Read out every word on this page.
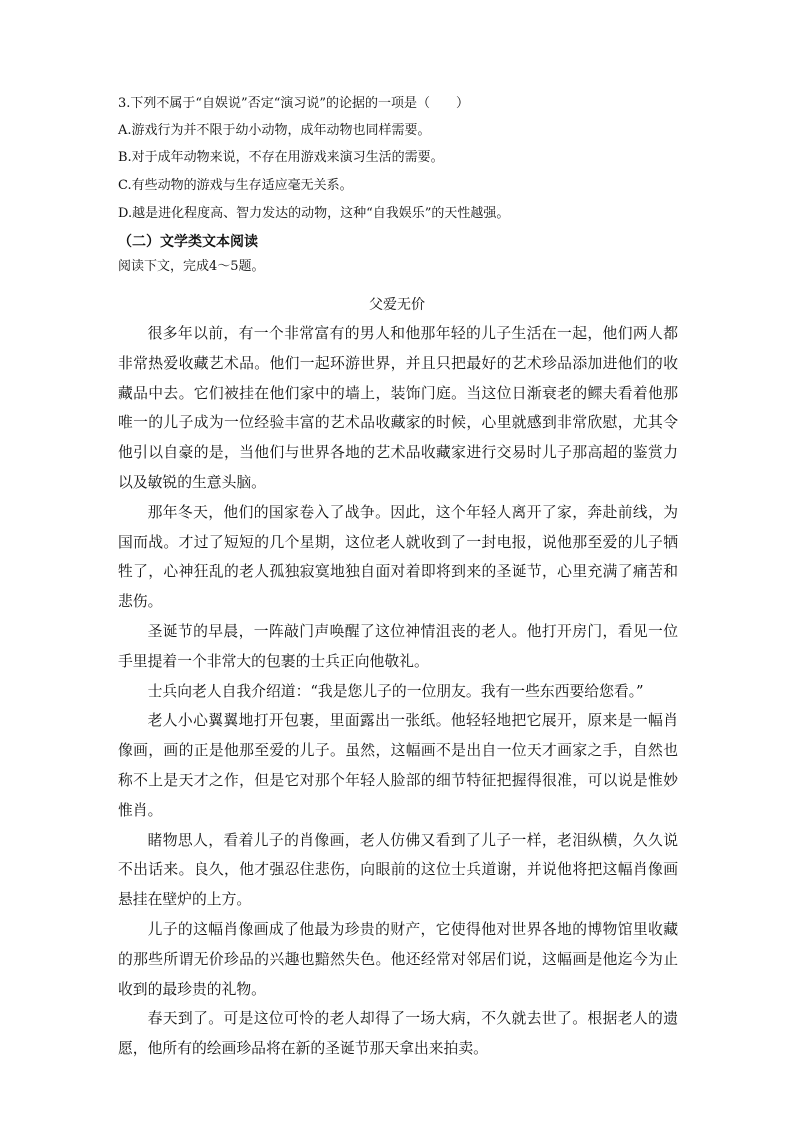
3.下列不属于“自娱说”否定“演习说”的论据的一项是（　　）
A.游戏行为并不限于幼小动物，成年动物也同样需要。
B.对于成年动物来说，不存在用游戏来演习生活的需要。
C.有些动物的游戏与生存适应毫无关系。
D.越是进化程度高、智力发达的动物，这种“自我娱乐”的天性越强。
（二）文学类文本阅读
阅读下文，完成4～5题。
父爱无价

很多年以前，有一个非常富有的男人和他那年轻的儿子生活在一起，他们两人都非常热爱收藏艺术品。他们一起环游世界，并且只把最好的艺术珍品添加进他们的收藏品中去。它们被挂在他们家中的墙上，装饰门庭。当这位日渐衰老的鳏夫看着他那唯一的儿子成为一位经验丰富的艺术品收藏家的时候，心里就感到非常欣慰，尤其令他引以自豪的是，当他们与世界各地的艺术品收藏家进行交易时儿子那高超的鉴赏力以及敏锐的生意头脑。

那年冬天，他们的国家卷入了战争。因此，这个年轻人离开了家，奔赴前线，为国而战。才过了短短的几个星期，这位老人就收到了一封电报，说他那至爱的儿子牺牲了，心神狂乱的老人孤独寂寞地独自面对着即将到来的圣诞节，心里充满了痛苦和悲伤。

圣诞节的早晨，一阵敲门声唤醒了这位神情沮丧的老人。他打开房门，看见一位手里提着一个非常大的包裹的士兵正向他敬礼。

士兵向老人自我介绍道：“我是您儿子的一位朋友。我有一些东西要给您看。”

老人小心翼翼地打开包裹，里面露出一张纸。他轻轻地把它展开，原来是一幅肖像画，画的正是他那至爱的儿子。虽然，这幅画不是出自一位天才画家之手，自然也称不上是天才之作，但是它对那个年轻人脸部的细节特征把握得很准，可以说是惟妙惟肖。

睹物思人，看着儿子的肖像画，老人仿佛又看到了儿子一样，老泪纵横，久久说不出话来。良久，他才强忍住悲伤，向眼前的这位士兵道谢，并说他将把这幅肖像画悬挂在壁炉的上方。

儿子的这幅肖像画成了他最为珍贵的财产，它使得他对世界各地的博物馆里收藏的那些所谓无价珍品的兴趣也黯然失色。他还经常对邻居们说，这幅画是他迄今为止收到的最珍贵的礼物。

春天到了。可是这位可怜的老人却得了一场大病，不久就去世了。根据老人的遗愿，他所有的绘画珍品将在新的圣诞节那天拿出来拍卖。
